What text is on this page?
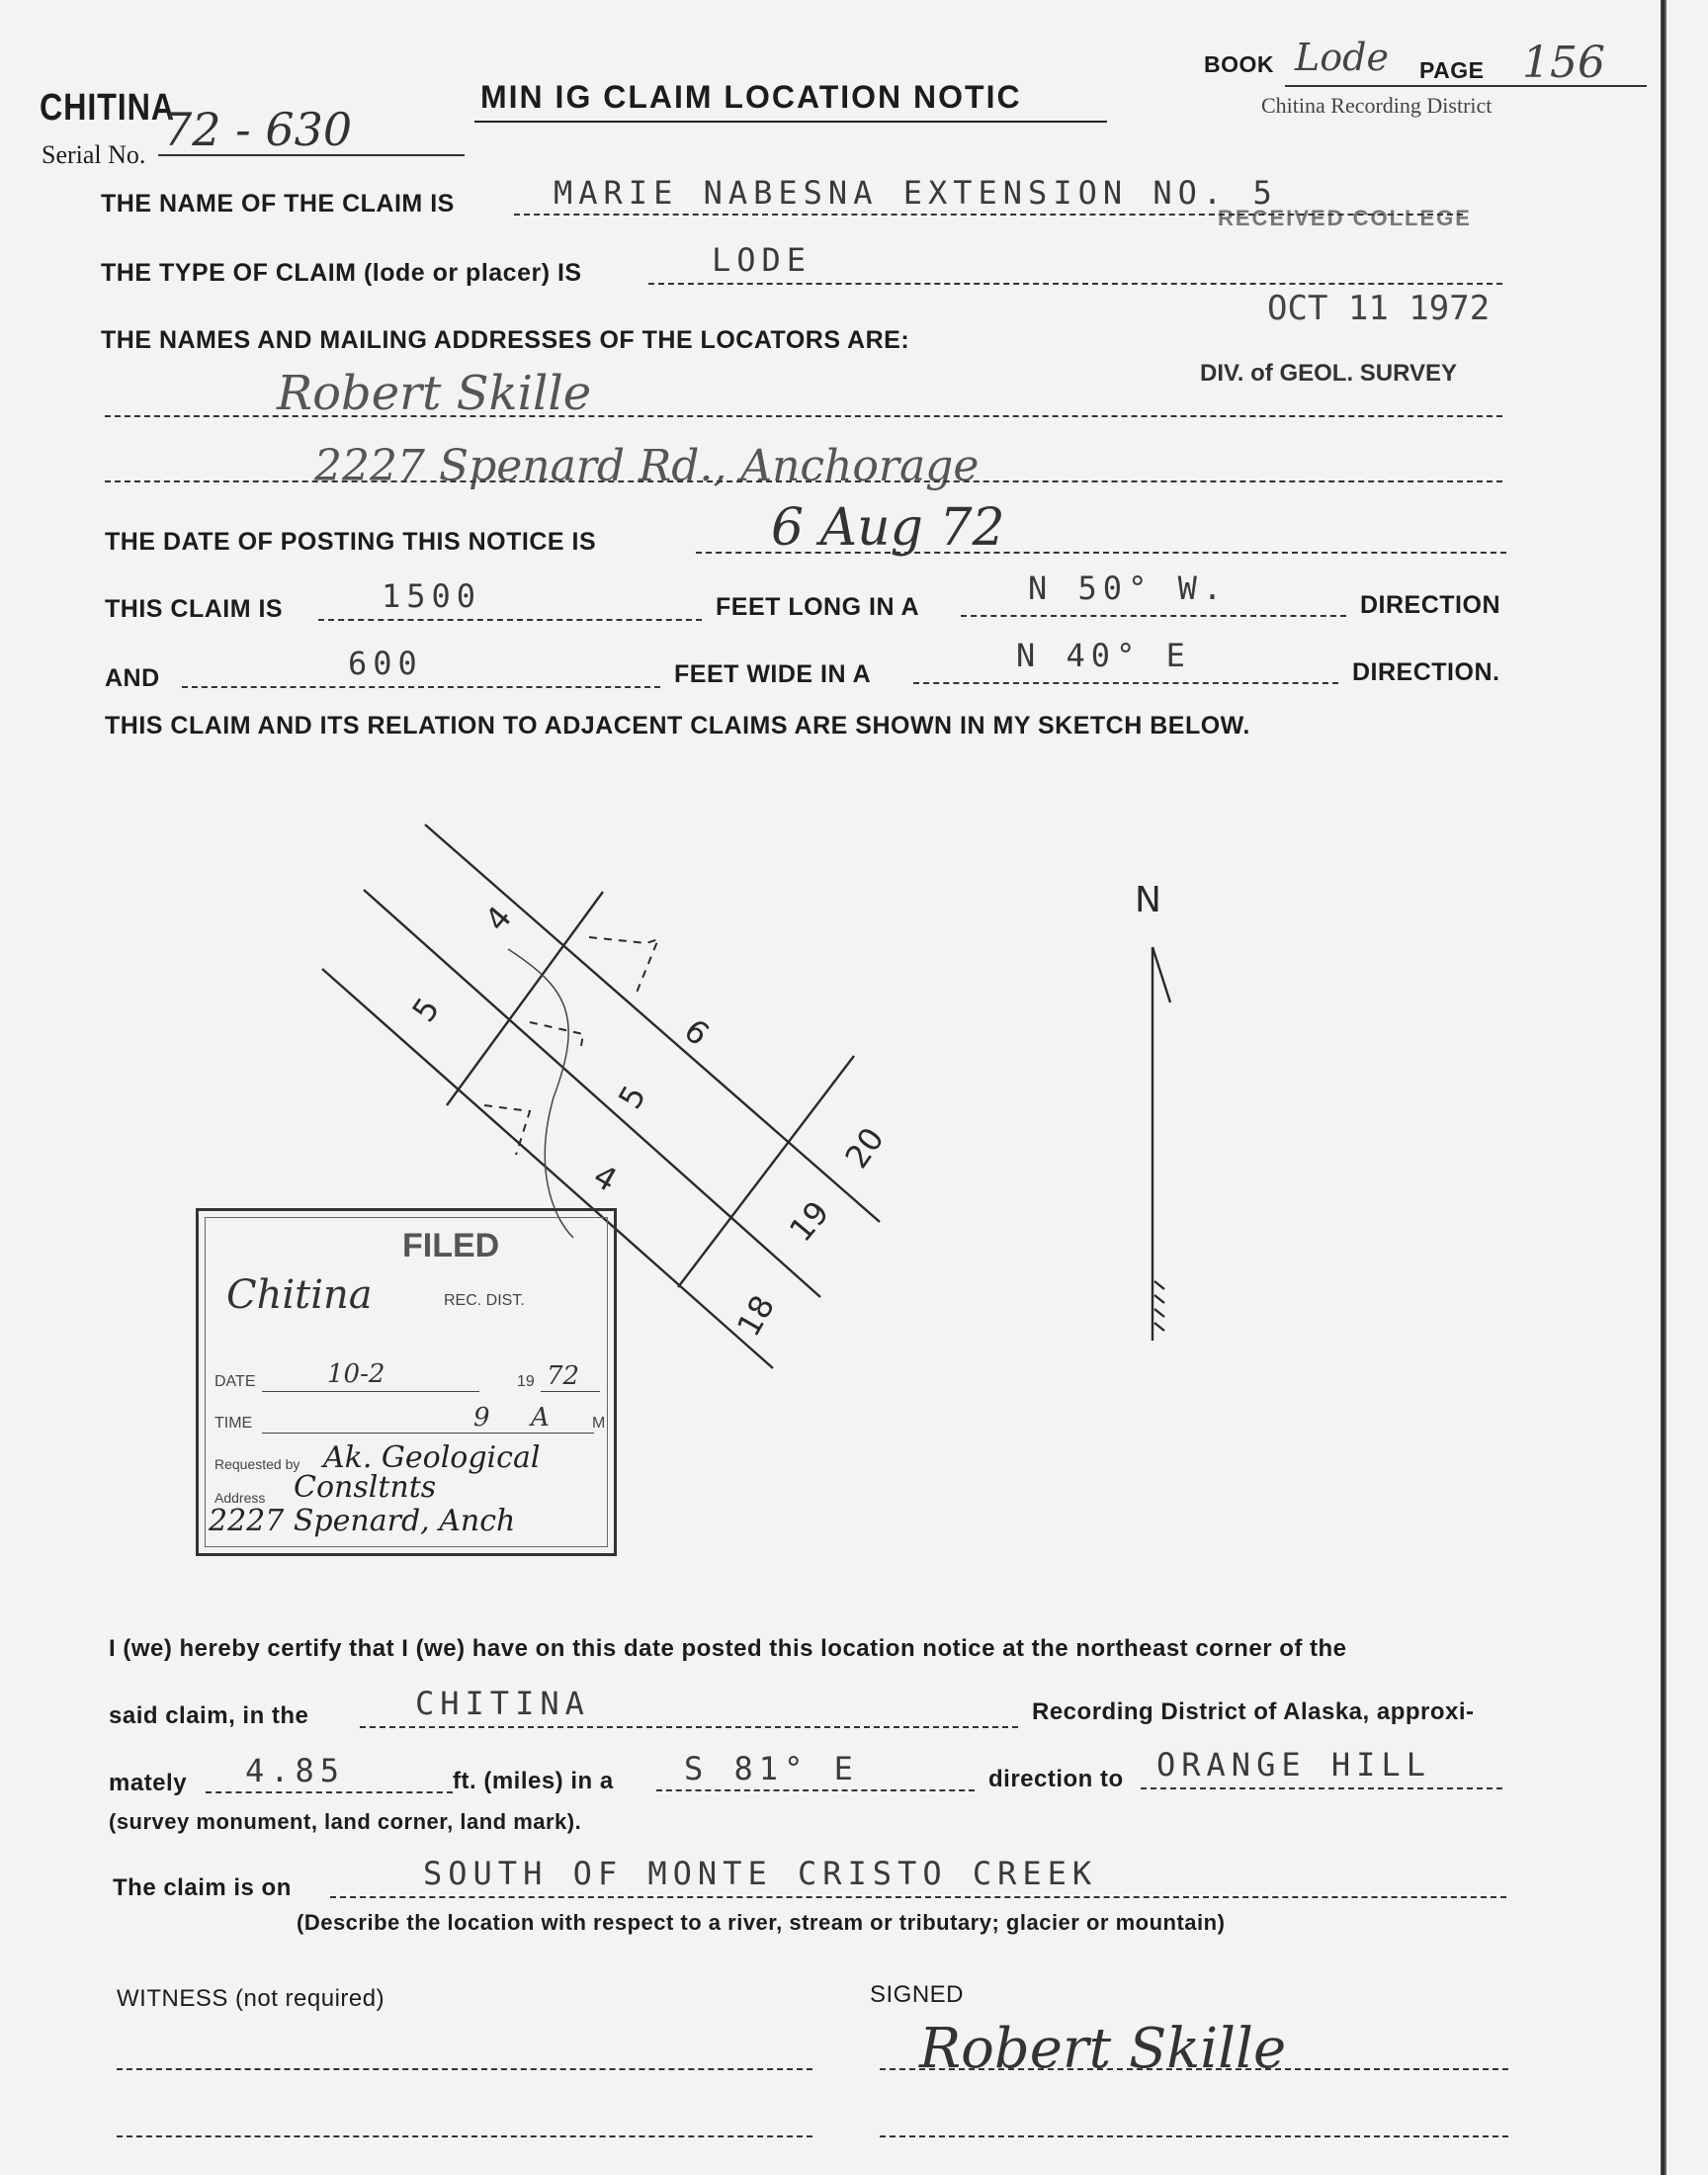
CHITINA
Serial No. 72 - 630
MIN IG CLAIM LOCATION NOTIC
BOOK Lode PAGE 156
Chitina Recording District
RECEIVED COLLEGE
OCT 11 1972
DIV. of GEOL. SURVEY
THE NAME OF THE CLAIM IS	MARIE NABESNA EXTENSION NO. 5
THE TYPE OF CLAIM (lode or placer) IS	LODE
THE NAMES AND MAILING ADDRESSES OF THE LOCATORS ARE:
Robert Skille
2227 Spenard Rd., Anchorage
THE DATE OF POSTING THIS NOTICE IS	6 Aug 72
THIS CLAIM IS	1500	FEET LONG IN A	N 50° W.	DIRECTION
AND	600	FEET WIDE IN A	N 40° E	DIRECTION.
THIS CLAIM AND ITS RELATION TO ADJACENT CLAIMS ARE SHOWN IN MY SKETCH BELOW.
4
5
6
5
4
20
19
18
N
FILED
Chitina	REC. DIST.
DATE	10-2	19 72
TIME	9 A	M
Requested by Ak. Geological
Address Consltnts
2227 Spenard, Anch
I (we) hereby certify that I (we) have on this date posted this location notice at the northeast corner of the
said claim, in the	CHITINA	Recording District of Alaska, approxi-
mately 4.85	ft. (miles) in a S 81° E	direction to ORANGE HILL
(survey monument, land corner, land mark).
The claim is on	SOUTH OF MONTE CRISTO CREEK
(Describe the location with respect to a river, stream or tributary; glacier or mountain)
WITNESS (not required)	SIGNED
Robert Skille
